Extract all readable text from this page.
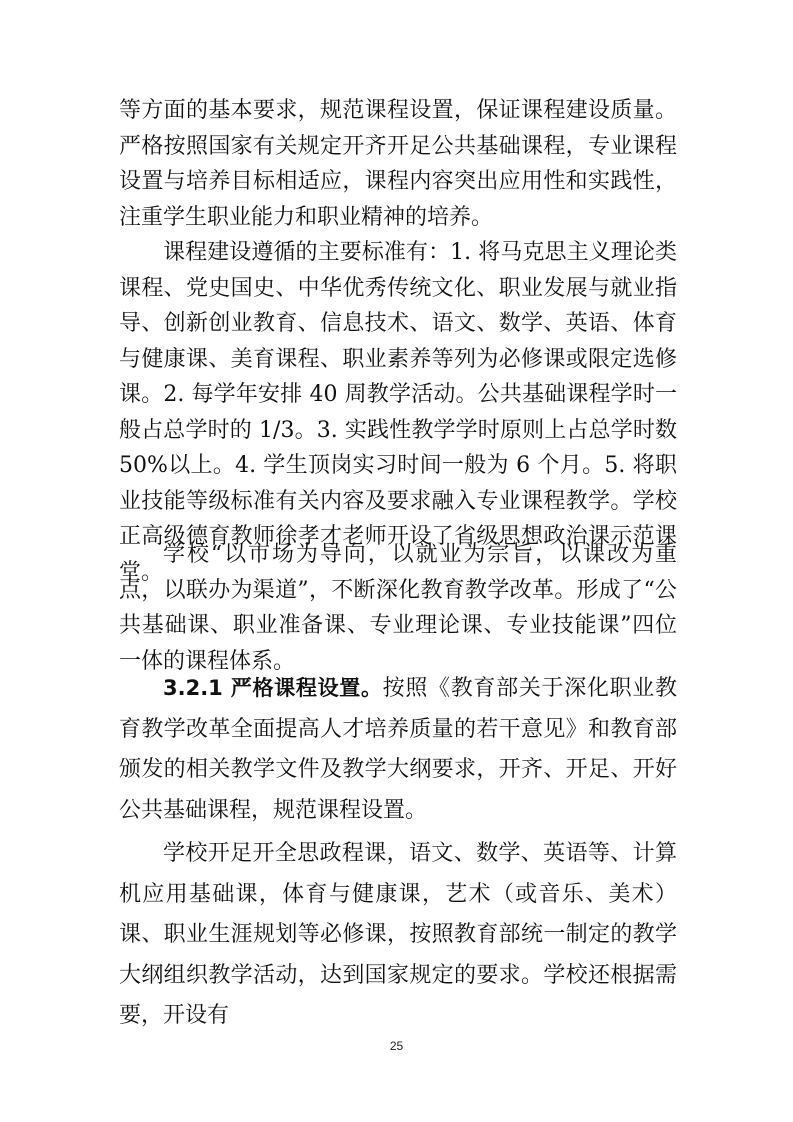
等方面的基本要求，规范课程设置，保证课程建设质量。严格按照国家有关规定开齐开足公共基础课程，专业课程设置与培养目标相适应，课程内容突出应用性和实践性，注重学生职业能力和职业精神的培养。

课程建设遵循的主要标准有：1. 将马克思主义理论类课程、党史国史、中华优秀传统文化、职业发展与就业指导、创新创业教育、信息技术、语文、数学、英语、体育与健康课、美育课程、职业素养等列为必修课或限定选修课。2. 每学年安排 40 周教学活动。公共基础课程学时一般占总学时的 1/3。3. 实践性教学学时原则上占总学时数 50%以上。4. 学生顶岗实习时间一般为 6 个月。5. 将职业技能等级标准有关内容及要求融入专业课程教学。学校正高级德育教师徐孝才老师开设了省级思想政治课示范课堂。

学校“以市场为导向，以就业为宗旨，以课改为重点，以联办为渠道”，不断深化教育教学改革。形成了“公共基础课、职业准备课、专业理论课、专业技能课”四位一体的课程体系。

3.2.1 严格课程设置。按照《教育部关于深化职业教育教学改革全面提高人才培养质量的若干意见》和教育部颁发的相关教学文件及教学大纲要求，开齐、开足、开好公共基础课程，规范课程设置。

学校开足开全思政程课，语文、数学、英语等、计算机应用基础课，体育与健康课，艺术（或音乐、美术）课、职业生涯规划等必修课，按照教育部统一制定的教学大纲组织教学活动，达到国家规定的要求。学校还根据需要，开设有

25
